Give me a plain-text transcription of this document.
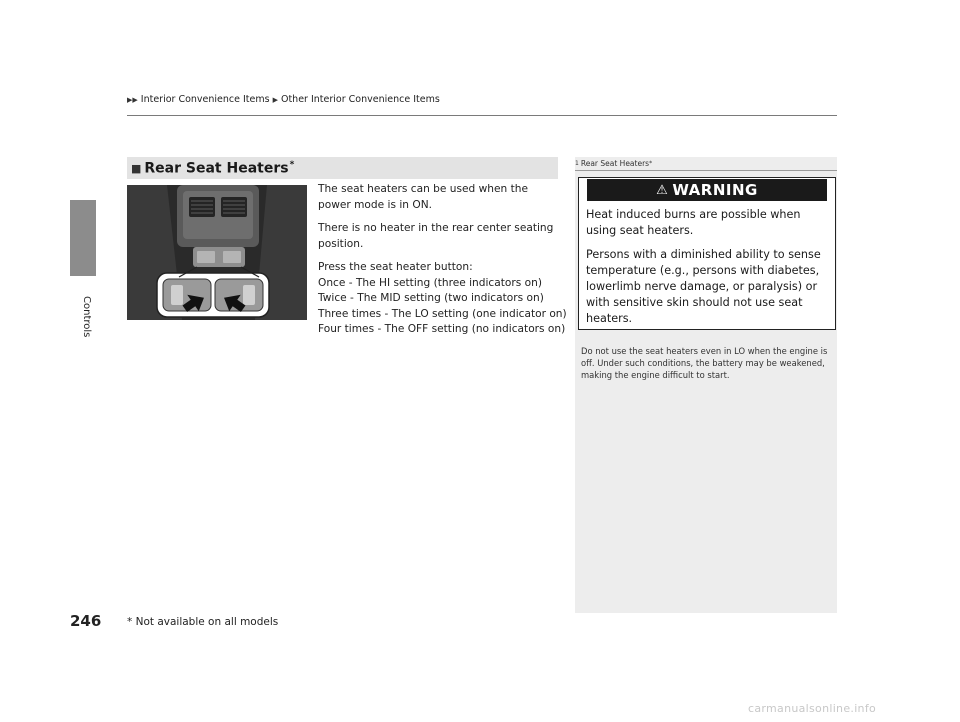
▶▶ Interior Convenience Items ▶ Other Interior Convenience Items
Controls
■ Rear Seat Heaters*

The seat heaters can be used when the power mode is in ON.

There is no heater in the rear center seating position.

Press the seat heater button:

Once - The HI setting (three indicators on)

Twice - The MID setting (two indicators on)

Three times - The LO setting (one indicator on)

Four times - The OFF setting (no indicators on)

1 Rear Seat Heaters *
⚠ WARNING

Heat induced burns are possible when using seat heaters.

Persons with a diminished ability to sense temperature (e.g., persons with diabetes, lowerlimb nerve damage, or paralysis) or with sensitive skin should not use seat heaters.

Do not use the seat heaters even in LO when the engine is off. Under such conditions, the battery may be weakened, making the engine difficult to start.
246 * Not available on all models
carmanualsonline.info
